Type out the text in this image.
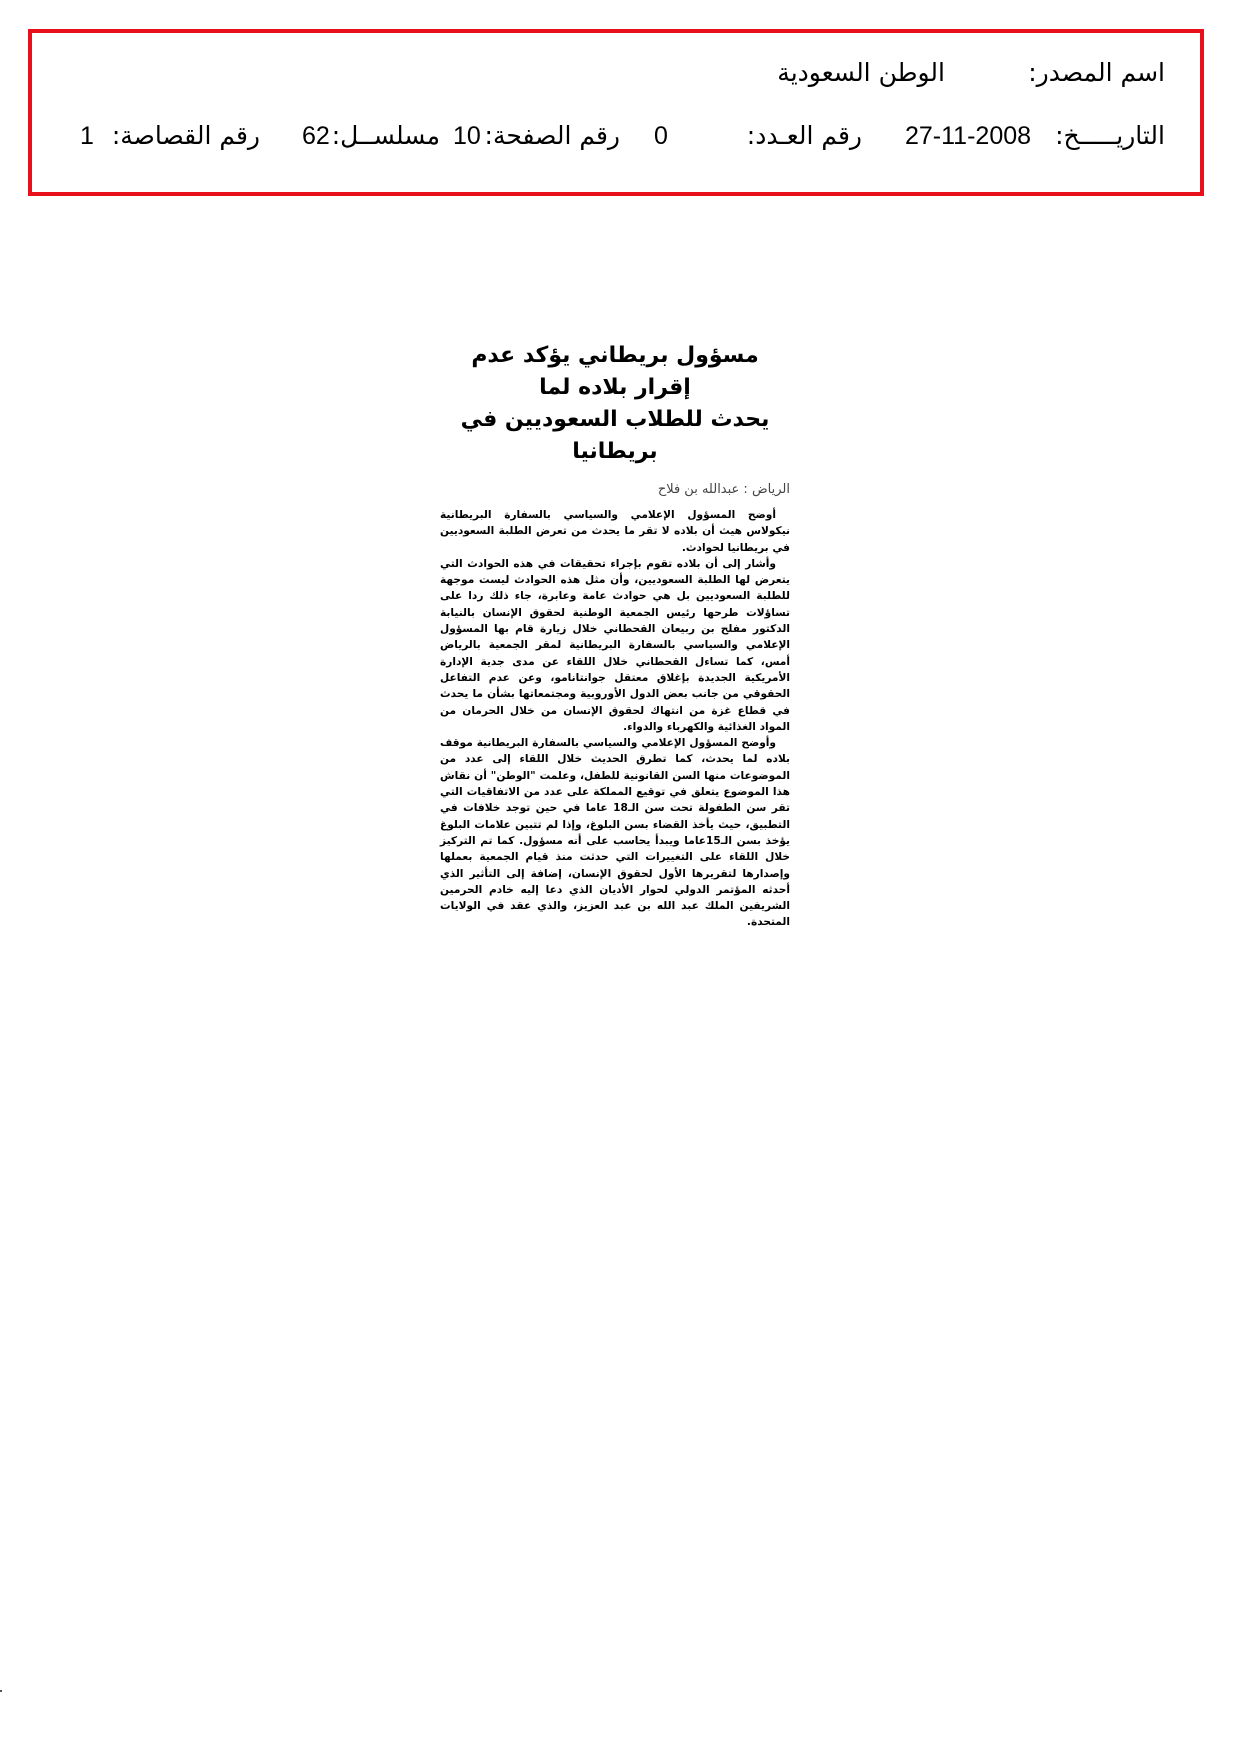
اسم المصدر:
الوطن السعودية
التاريـــــخ:
27-11-2008
رقم العـدد:
0
رقم الصفحة:
10
مسلســل:
62
رقم القصاصة:
1
مسؤول بريطاني يؤكد عدم إقرار بلاده لما
يحدث للطلاب السعوديين في بريطانيا
الرياض : عبدالله بن فلاح

أوضح المسؤول الإعلامي والسياسي بالسفارة البريطانية نيكولاس هيث أن بلاده لا تقر ما يحدث من تعرض الطلبة السعوديين في بريطانيا لحوادث.

وأشار إلى أن بلاده تقوم بإجراء تحقيقات في هذه الحوادث التي يتعرض لها الطلبة السعوديين، وأن مثل هذه الحوادث ليست موجهة للطلبة السعوديين بل هي حوادث عامة وعابرة، جاء ذلك ردا على تساؤلات طرحها رئيس الجمعية الوطنية لحقوق الإنسان بالنيابة الدكتور مفلح بن ربيعان القحطاني خلال زيارة قام بها المسؤول الإعلامي والسياسي بالسفارة البريطانية لمقر الجمعية بالرياض أمس، كما تساءل القحطاني خلال اللقاء عن مدى جدية الإدارة الأمريكية الجديدة بإغلاق معتقل جوانتانامو، وعن عدم التفاعل الحقوقي من جانب بعض الدول الأوروبية ومجتمعاتها بشأن ما يحدث في قطاع غزة من انتهاك لحقوق الإنسان من خلال الحرمان من المواد الغذائية والكهرباء والدواء.

وأوضح المسؤول الإعلامي والسياسي بالسفارة البريطانية موقف بلاده لما يحدث، كما تطرق الحديث خلال اللقاء إلى عدد من الموضوعات منها السن القانونية للطفل، وعلمت "الوطن" أن نقاش هذا الموضوع يتعلق في توقيع المملكة على عدد من الاتفاقيات التي تقر سن الطفولة تحت سن الـ18 عاما في حين توجد خلافات في التطبيق، حيث يأخذ القضاء بسن البلوغ، وإذا لم تتبين علامات البلوغ يؤخذ بسن الـ15عاما ويبدأ يحاسب على أنه مسؤول. كما تم التركيز خلال اللقاء على التغييرات التي حدثت منذ قيام الجمعية بعملها وإصدارها لتقريرها الأول لحقوق الإنسان، إضافة إلى التأثير الذي أحدثه المؤتمر الدولي لحوار الأديان الذي دعا إليه خادم الحرمين الشريفين الملك عبد الله بن عبد العزيز، والذي عقد في الولايات المتحدة.
